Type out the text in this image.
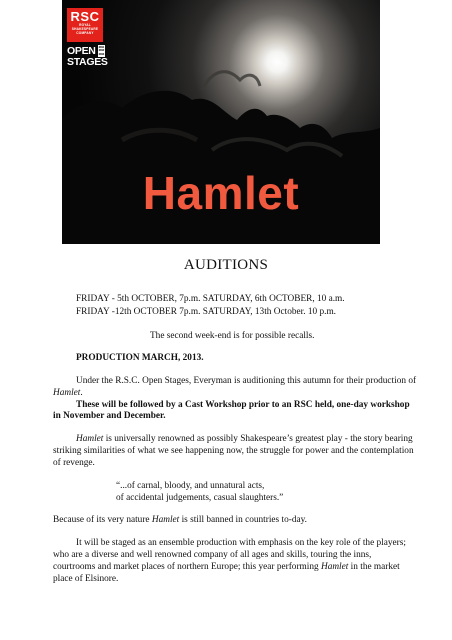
RSC
ROYAL
SHAKESPEARE
COMPANY
OPEN	2011
2012
2013
STAGES
Hamlet
AUDITIONS

FRIDAY - 5th OCTOBER, 7p.m. SATURDAY, 6th OCTOBER, 10 a.m.

FRIDAY -12th OCTOBER 7p.m. SATURDAY, 13th October. 10 p.m.

The second week-end is for possible recalls.

PRODUCTION MARCH, 2013.

Under the R.S.C. Open Stages, Everyman is auditioning this autumn for their production of

Hamlet.

These will be followed by a Cast Workshop prior to an RSC held, one-day workshop

in November and December.

Hamlet is universally renowned as possibly Shakespeare’s greatest play - the story bearing

striking similarities of what we see happening now, the struggle for power and the contemplation

of revenge.

“...of carnal, bloody, and unnatural acts,

of accidental judgements, casual slaughters.”

Because of its very nature Hamlet is still banned in countries to-day.

It will be staged as an ensemble production with emphasis on the key role of the players;

who are a diverse and well renowned company of all ages and skills, touring the inns,

courtrooms and market places of northern Europe; this year performing Hamlet in the market

place of Elsinore.
